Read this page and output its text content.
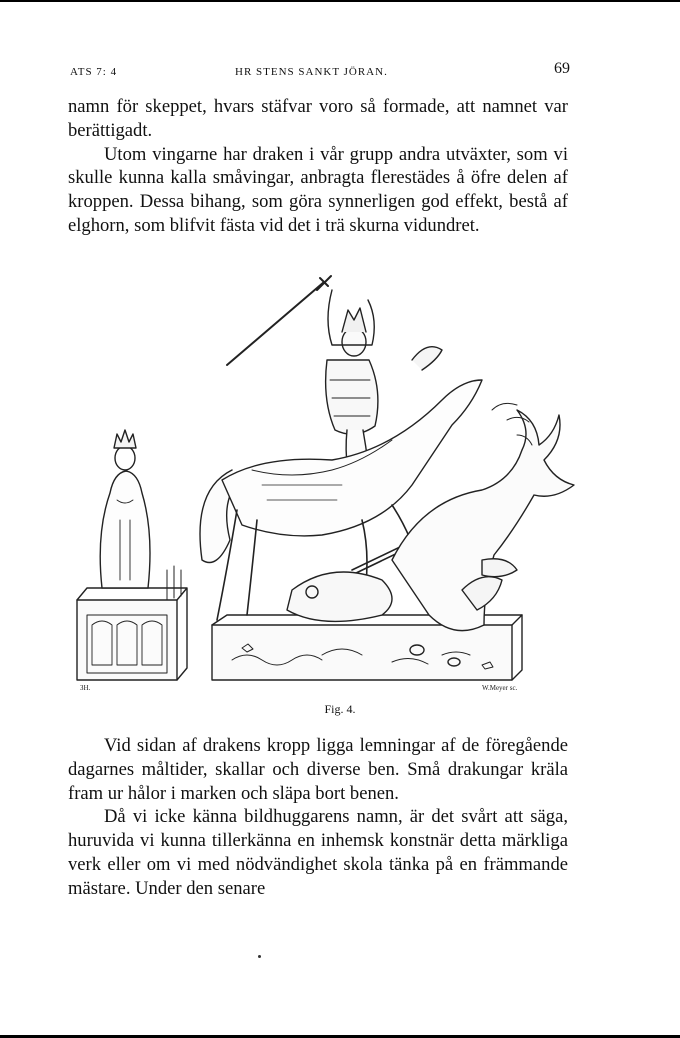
ATS 7: 4	HR STENS SANKT JÖRAN.	69

namn för skeppet, hvars stäfvar voro så formade, att namnet var berättigadt.

Utom vingarne har draken i vår grupp andra utväxter, som vi skulle kunna kalla småvingar, anbragta flerestädes å öfre delen af kroppen. Dessa bihang, som göra synnerligen god effekt, bestå af elghorn, som blifvit fästa vid det i trä skurna vidundret.

ЗН.	W.Meyer sc.
Fig. 4.

Vid sidan af drakens kropp ligga lemningar af de föregående dagarnes måltider, skallar och diverse ben. Små drakungar kräla fram ur hålor i marken och släpa bort benen.

Då vi icke känna bildhuggarens namn, är det svårt att säga, huruvida vi kunna tillerkänna en inhemsk konstnär detta märkliga verk eller om vi med nödvändighet skola tänka på en främmande mästare. Under den senare
